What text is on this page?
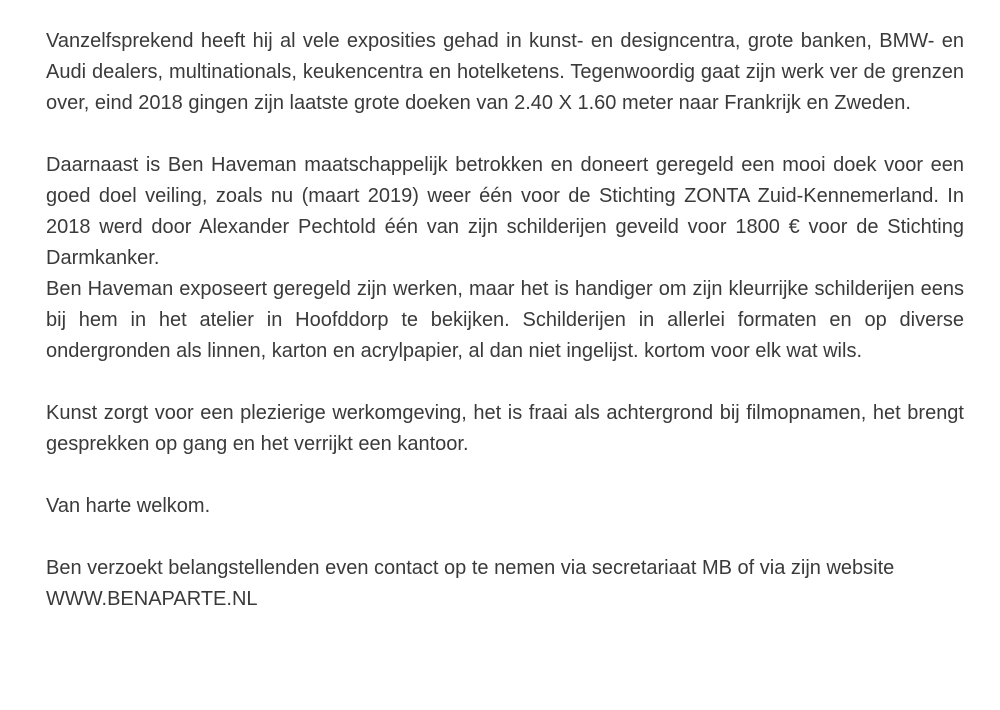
Vanzelfsprekend heeft hij al vele exposities gehad in kunst- en designcentra, grote banken, BMW- en Audi dealers, multinationals, keukencentra en hotelketens. Tegenwoordig gaat zijn werk ver de grenzen over, eind 2018 gingen zijn laatste grote doeken van 2.40 X 1.60 meter naar Frankrijk en Zweden.

Daarnaast is Ben Haveman maatschappelijk betrokken en doneert geregeld een mooi doek voor een goed doel veiling, zoals nu (maart 2019) weer één voor de Stichting ZONTA Zuid-Kennemerland. In 2018 werd door Alexander Pechtold één van zijn schilderijen geveild voor 1800 € voor de Stichting Darmkanker.

Ben Haveman exposeert geregeld zijn werken, maar het is handiger om zijn kleurrijke schilderijen eens bij hem in het atelier in Hoofddorp te bekijken. Schilderijen in allerlei formaten en op diverse ondergronden als linnen, karton en acrylpapier, al dan niet ingelijst. kortom voor elk wat wils.

Kunst zorgt voor een plezierige werkomgeving, het is fraai als achtergrond bij filmopnamen, het brengt gesprekken op gang en het verrijkt een kantoor.

Van harte welkom.

Ben verzoekt belangstellenden even contact op te nemen via secretariaat MB of via zijn website

WWW.BENAPARTE.NL
